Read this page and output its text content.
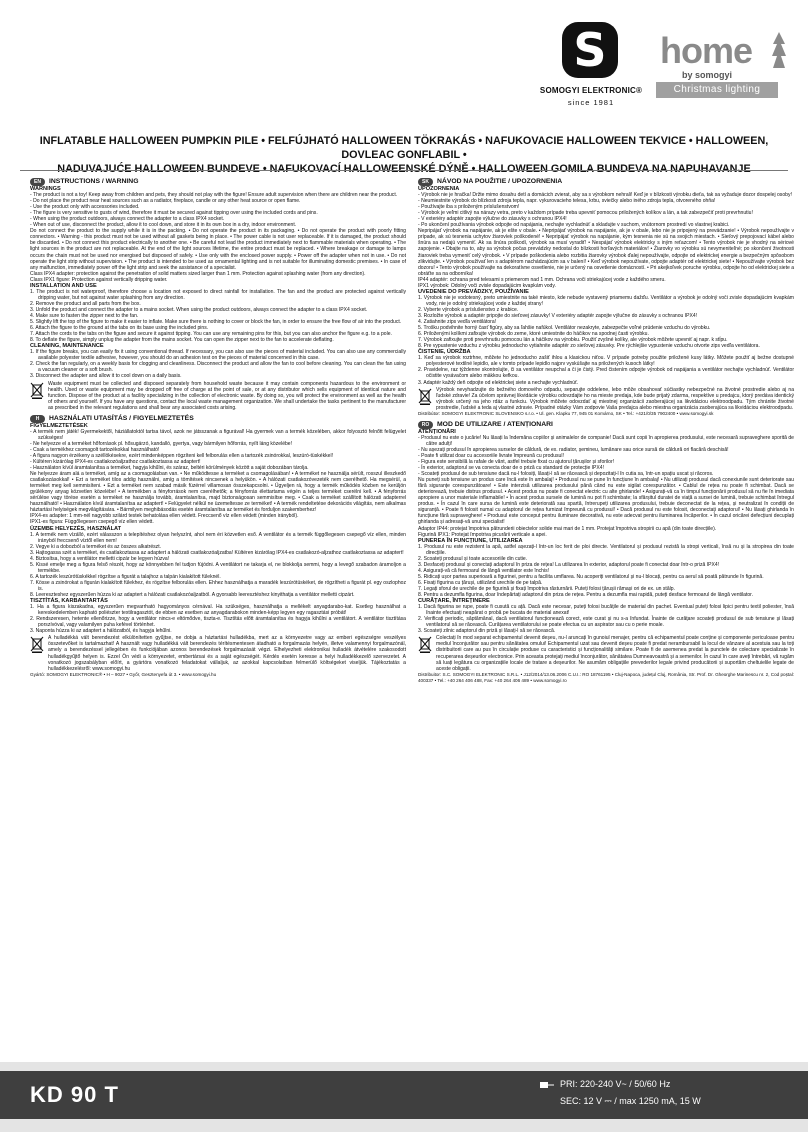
S
SOMOGYI ELEKTRONIC®
since 1981
home
by somogyi
Christmas lighting
INFLATABLE HALLOWEEN PUMPKIN PILE • FELFÚJHATÓ HALLOWEEN TÖKRAKÁS • NAFUKOVACIE HALLOWEEN TEKVICE • HALLOWEEN, DOVLEAC GONFLABIL •
NADUVAJUĆE HALLOWEEN BUNDEVE • NAFUKOVACÍ HALLOWEENSKÉ DÝNĚ • HALLOWEEN GOMILA BUNDEVA NA NAPUHAVANJE
EN	INSTRUCTIONS / WARNING
WARNINGS

- The product is not a toy! Keep away from children and pets, they should not play with the figure! Ensure adult supervision when there are children near the product.

- Do not place the product near heat sources such as a radiator, fireplace, candle or any other heat source or open flame.

- Use the product only with accessories included.

- The figure is very sensitive to gusts of wind, therefore it must be secured against tipping over using the included cords and pins.

- When using the product outdoors, always connect the adapter to a class IPX4 socket.

- When out of use, disconnect the product, allow it to cool down, and store it in its own box in a dry, indoor environment.

Do not connect the product to the supply while it is in the packing. • Do not operate the product in its packaging. • Do not operate the product with poorly fitting connectors. • Warning - this product must not be used without all gaskets being in place. • The power cable is not user replaceable. If it is damaged, the product should be discarded. • Do not connect this product electrically to another one. • Be careful not lead the product immediately next to flammable materials when operating. • The light sources in the product are not replaceable. At the end of the light sources lifetime, the entire product must be replaced. • Where breakage or damage to lamps occurs the chain must not be used nor energised but disposed of safely. • Use only with the enclosed power supply. • Power off the adapter when not in use. • Do not operate the light strip without supervision. • The product is intended to be used as ornamental lighting and is not suitable for illuminating domestic premises. • In case of any malfunction, immediately power off the light strip and seek the assistance of a specialist.

Class IPX4 adapter: protection against the penetration of solid matters sized larger than 1 mm. Protection against splashing water (from any direction).

Class IPX1 figure: Protection against vertically dripping water.

INSTALLATION AND USE

1. The product is not waterproof, therefore choose a location not exposed to direct rainfall for installation. The fan and the product are protected against vertically dripping water, but not against water splashing from any direction.

2. Remove the product and all parts from the box.

3. Unfold the product and connect the adapter to a mains socket. When using the product outdoors, always connect the adapter to a class IPX4 socket.

4. Make sure to fasten the zipper next to the fan.

5. Slightly lift the top of the figure to make it easier to inflate. Make sure there is nothing to cover or block the fan, in order to ensure the free flow of air into the product.

6. Attach the figure to the ground at the tabs on its base using the included pins.

7. Attach the cords to the tabs on the figure and secure it against tipping. You can use any remaining pins for this, but you can also anchor the figure e.g. to a pole.

8. To deflate the figure, simply unplug the adapter from the mains socket. You can open the zipper next to the fan to accelerate deflating.

CLEANING, MAINTENANCE

1. If the figure breaks, you can easily fix it using conventional thread. If necessary, you can also use the pieces of material included. You can also use any commercially available polyester textile adhesive, however, you should do an adhesion test on the pieces of material concerned in this case.

2. Check the fan regularly, on a weekly basis for clogging and cleanliness. Disconnect the product and allow the fan to cool before cleaning. You can clean the fan using a vacuum cleaner or a soft brush.

3. Disconnect the adapter and allow it to cool down on a daily basis.

Waste equipment must be collected and disposed separately from household waste because it may contain components hazardous to the environment or health. Used or waste equipment may be dropped off free of charge at the point of sale, or at any distributor which sells equipment of identical nature and function. Dispose of the product at a facility specializing in the collection of electronic waste. By doing so, you will protect the environment as well as the health of others and yourself. If you have any questions, contact the local waste management organization. We shall undertake the tasks pertinent to the manufacturer as prescribed in the relevant regulations and shall bear any associated costs arising.

H	HASZNÁLATI UTASÍTÁS / FIGYELMEZTETÉS
FIGYELMEZTETÉSEK

- A termék nem játék! Gyermekektől, háziállatoktól tartsa távol, azok ne játsszanak a figurával! Ha gyermek van a termék közelében, akkor folyosztó felnőtt felügyelet szükséges!

- Ne helyezze el a terméket hőforrások pl. hősugárzó, kandalló, gyertya, vagy bármilyen hőforrás, nyílt láng közelébe!

- Csak a termékhez csomagolt tartozékokkal használható!

- A figura nagyon érzékeny a széllökésekre, ezért mindenképpen rögzíteni kell felborulás ellen a tartozék zsinórokkal, leszúró-tüskékkel!

- Kültéren kizárólag IPX4-es csatlakozóaljzathoz csatlakoztassa az adaptert!

- Használaton kívül áramtalanítsa a terméket, hagyja kihűlni, és száraz, beltéri körülmények között a saját dobozában tárolja.

Ne helyezze áram alá a terméket, amíg az a csomagolásban van. • Ne működtesse a terméket a csomagolásában! • A terméket ne használja sérült, rosszul illeszkedő csatlakozásokkal! • Ezt a terméket tilos addig használni, amíg a tömítések nincsenek a helyükön. • A hálózati csatlakozóvezeték nem cserélhető. Ha megsérül, a terméket meg kell semmisíteni. • Ezt a terméket nem szabad másik füzérrel villamosan összekapcsolni. • Ügyeljen rá, hogy a termék működés közben ne kerüljön gyúlékony anyag közvetlen közelébe! • A termékben a fényforrások nem cserélhetők; a fényforrás élettartama végén a teljes terméket cserélni kell. • A fényforrás sérülése vagy törése esetén a terméket ne használja tovább, áramtalanítsa, majd biztonságosan semmisítse meg. • Csak a terméket szállított hálózati adapterrel használható! • Használaton kívül áramtalanítsa az adaptert! • Felügyelet nélkül ne üzemeltesse ze terméket! • A termék rendeltetése dekorációs világítás, nem alkalmas háztartási helyiségek megvilágítására. • Bármilyen meghibásodás esetén áramtalanítsa az terméket és forduljon szakemberhez!

IPX4-es adapter: 1 mm-nél nagyobb szilárd testek behatolása ellen védett. Freccsenő víz ellen védett (minden irányból).

IPX1-es figura: Függőlegesen csepegő víz ellen védett.

ÜZEMBE HELYEZÉS, HASZNÁLAT

1. A termék nem vízálló, ezért válasszon a telepítéshez olyan helyszínt, ahol nem éri közvetlen eső. A ventilátor és a termék függőlegesen csepegő víz ellen, minden irányból freccsenő víztől ellen nem!

2. Vegye ki a dobozból a terméket és az összes alkatrészt.

3. Hajtogassa szét a terméket, és csatlakoztassa az adaptert a hálózati csatlakozóaljzatba! Kültéren kizárólag IPX4-es csatlakozó-aljzathoz csatlakoztassa az adaptert!

4. Biztosítsa, hogy a ventilátor melletti cipzár be legyen húzva!

5. Kissé emelje meg a figura felső részét, hogy az könnyebben fel tudjon fújódni. A ventilátort ne takarja el, ne blokkolja semmi, hogy a levegő szabadon áramoljon a termékbe.

6. A tartozék leszúrótüskékkel rögzítse a figurát a talajhoz a talpán kialakított füleknél.

7. Kösse a zsinórokat a figurán kialakított fülekhez, és rögzítse felborulás ellen. Ehhez használhatja a maradék leszúrótüskéket, de rögzítheti a figurát pl. egy oszlophoz is.

8. Leereszteshez egyszerűen húzza ki az adaptert a hálózati csatlakozóaljzatból. A gyorsabb leeresztéshez kinyithatja a ventilátor melletti cipzárt.

TISZTÍTÁS, KARBANTARTÁS

1. Ha a figura kiszakadna, egyszerűen megvarrható hagyományos cérnával. Ha szükséges, használhatja a mellékelt anyagdarabo-kat. Esetleg használhat a kereskedelemben kapható poliészter textilragasztót, de ebben az esetben az anyagdarabokon minden-képp legyen egy ragasztási próbát!

2. Rendszeresen, hetente ellenőrizze, hogy a ventilátor nincs-e eltömődve, tiszta-e. Tisztítás előtt áramtalanítsa és hagyja kihűlni a ventilátort. A ventilátor tisztítása porszívóval, vagy valamilyen puha kefével történhet.

3. Naponta húzza ki az adaptert a hálózatból, és hagyja lehűlni.

A hulladékká vált berendezést elkülönítetten gyűjtse, ne dobja a háztartási hulladékba, mert az a környezetre vagy az emberi egészségre veszélyes összetevőket is tartalmazhat! A használt vagy hulladékká vált berendezés térítésmentesen átadható a forgalmazás helyén, illetve valamennyi forgalmazónál, amely a berendezéssel jellegében és funkciójában azonos berendezések forgalmazását végzi. Elhelyezheti elektronikai hulladék átvételére szakosodott hulladékgyűjtő helyen is. Ezzel Ön védi a környezetet, embertársai és a saját egészségét. Kérdés esetén keresse a helyi hulladékkezelő szervezetet. A vonatkozó jogszabályban előírt, a gyártóra vonatkozó feladatokat vállaljuk, az azokkal kapcsolatban felmerülő költségeket viseljük. Tájékoztatás a hulladékkezelésről: www.somogyi.hu

Gyártó: SOMOGYI ELEKTRONIC® • H – 9027 • Győr, Gesztenyefa út 3. • www.somogyi.hu

SK	NÁVOD NA POUŽITIE / UPOZORNENIA
UPOZORNENIA

- Výrobok nie je hračka! Držte mimo dosahu detí a domácich zvierat, aby sa s výrobkom nehrali! Keď je v blízkosti výrobku dieťa, tak sa vyžaduje dozor dospelej osoby!

- Neumiestnite výrobok do blízkosti zdroja tepla, napr. vykurovacieho telesa, krbu, sviečky alebo iného zdroja tepla, otvoreného ohňa!

- Používajte iba s priloženým príslušenstvom!

- Výrobok je veľmi citlivý na nárazy vetra, preto v každom prípade treba upevniť pomocou priložených kolíkov a lán, a tak zabezpečiť proti prevrhnutiu!

- V exteriéry adaptér zapojte výlučne do zásuvky s ochranou IPX4!

- Po ukončení používania výrobok odpojte od napájania, nechajte vychladnúť a skladujte v suchom, vnútornom prostredí vo vlastnej krabici.

Nepripájať výrobok na napájanie, ak je ešte v obale. • Nepripájať výrobok na napájanie, ak je v obale, lebo nie je pripojený na prevádzanie! • Výrobok nepoužívajte v prípade, ak sú tesnenia uchytov žiarovíek poškodené! • Nepripájať výrobok na napájanie, kým tesnenia nie sú na svojich miestach. • Sieťový prepojovací kábel alebo šnúra sa nedajú vymeniť. Ak sa šnúra poškodí, výrobok sa musí vyradiť! • Nespájať výrobok elektricky s iným reťazcom! • Tento výrobok nie je vhodný na sériové zapojenie. • Dbajte na to, aby sa výrobok počas prevádzky nedostal do blízkosti horľavých materiálov! • Žiarovky vo výrobku sú nevymeniteľné; po skončení životnosti žiaroviek treba vymeniť celý výrobok. • V prípade poškodenia alebo rozbitia žiarovky výrobok ďalej nepoužívajte, odpojte od elektrickej energie a bezpečným spôsobom zlikvidujte. • Výrobok používať len s adaptérom nachádzajúcim sa v balení! • Keď výrobok nepoužívate, odpojte adaptér od elektrickej siete! • Nepoužívajte výrobok bez dozoru! • Tento výrobok používajte na dekoratívne osvetlenie, nie je určený na osvetlenie domácností. • Pri akejkoľvek poruche výrobku, odpojte ho od elektrickej siete a obráťte sa na odborníka!

IP44 adaptér: ochrana pred telesami s priemerom nad 1 mm. Ochrana voči striekajúcej vode z každého smeru.

IPX1 výrobok: Odolný voči zvisle dopadajúcim kvapkám vody.

UVEDENIE DO PREVÁDZKY, POUŽÍVANIE

1. Výrobok nie je vodotesný, preto umiestnite na také miesto, kde nebude vystavený priamemu dažďu. Ventilátor a výrobok je odolný voči zvisle dopadajúcim kvapkám vody, nie je odolný striekajúcej vode z každej strany!

2. Vyberte výrobok a príslušenstvo z krabice.

3. Rozložte výrobok a adaptér pripojte do sieťovej zásuvky! V exteriéry adaptér zapojte výlučne do zásuvky s ochranou IPX4!

4. Zatiahnite zips vedľa ventilátora!

5. Trošku podvihnite horný časť figúry, aby sa ľahšie nafúkol. Ventilátor nezakryte, zabezpečte voľné prúdenie vzduchu do výrobku.

6. Priloženými kolíkmi zafixujte výrobok do zeme, ktoré umiestnite do háčikov na spodnej časti výrobku.

7. Výrobok zafixujte proti prevrhnutiu pomocou lán a háčikov na výrobku. Použiť zvyšné kolíky, ale výrobok môžete upevniť aj napr. k stĺpu.

8. Pre vypustenie vzduchu z výrobku jednoducho vytiahnite adaptér zo sieťovej zásuvky. Pre rýchlejšie vypustenie vzduchu otvorte zips vedľa ventilátora.

ČISTENIE, ÚDRŽBA

1. Keď sa výrobok roztrhne, môžete ho jednoducho zašiť ihlou a klasickou niťou. V prípade potreby použite priložené kusy látky. Môžete použiť aj bežne dostupné polyesterové textilné lepidlo, ale v tomto prípade lepidlo najprv vyskúšajte na priložených kusoch látky!

2. Pravidelne, raz týždenne skontrolujte, či sa ventilátor neupchal a či je čistý. Pred čistením odpojte výrobok od napájania a ventilátor nechajte vychladnúť. Ventilátor očistite vysávačom alebo mäkkou kefkou.

3. Adaptér každý deň odpojte od elektrickej siete a nechajte vychladnúť.

Výrobok nevyhadzujte do bežného domového odpadu, separujte oddelene, lebo môže obsahovať súčiastky nebezpečné na životné prostredie alebo aj na ľudské zdravie! Za účelom správnej likvidácie výrobku odovzdajte ho na mieste predaja, kde bude prijatý zdarma, respektíve u predajcu, ktorý predáva identický výrobok určený na jeho rdáz a funkciu. Výrobok môžete odovzdať aj miestnej organizácii zaoberajúcej sa likvidáciou elektroodpadu. Tým chránite životné prostredie, ľudské a teda aj vlastné zdravie. Prípadné otázky Vám zodpovie Vaša predajca alebo miestna organizácia zaoberajúca sa likvidáciou elektroodpadu.

Distribútor: SOMOGYI ELEKTRONIC SLOVENSKO s.r.o. • Ul. gen. Klapku 77, 945 01 Komárno, SK • Tel.: +421/0/35 7902400 • www.somogyi.sk

RO	MOD DE UTILIZARE / ATENȚIONARI
ATENȚIONĂRI

- Produsul nu este o jucărie! Nu lăsați la îndemâna copiilor și animalelor de companie! Dacă sunt copii în apropierea produsului, este necesară supraveghere sporită de către adulți!

- Nu așezați produsul în apropierea surselor de căldură, de ex. radiator, șemineu, lumânare sau orice sursă de căldură ori flacără deschisă!

- Poate fi utilizat doar cu accesoriile livrate împreună cu produsul!

- Figura este sensibilă la rafale de vânt, astfel trebuie fixat cu ajutorul țărușilor și sforilor!

- În exterior, adaptorul se va conecta doar de o priză cu standard de protecție IPX4!

- Scoateți produsul de sub tensiune dacă nu-l folosiți, lăsați-l să se răcească și depozitați-l în cutia sa, într-un spațiu uscat și răcoros.

Nu puneți sub tensiune un produs care încă este în ambalaj! • Produsul nu se pune în funcțiune în ambalaj! • Nu utilizați produsul dacă conexiunile sunt deteriorate sau fără siguranțe corespunzătoare! • Este interzisă utilizarea produsului până când nu este sigilat corespunzător. • Cablul de rețea nu poate fi schimbat. Dacă se deteriorează, trebuie distrus produsul. • Acest produs nu poate fi conectat electric cu alte ghirlande! • Asigurați-vă ca în timpul funcționării produsul să nu fie în imediata apropiere a unor materiale inflamabile! • În acest produs sursele de lumină nu pot fi schimbate; la sfârșitul duratei de viață a sursei de lumină, trebuie schimbat întregul produs. • În cazul în care sursa de lumină este deteriorată sau spartă, întrerupeți utilizarea produsului, trebuie deconectat de la rețea, și neutralizat în condiții de siguranță. • Poate fi folosit numai cu adaptorul de rețea furnizat împreună cu produsul! • Dacă produsul nu este folosit, deconectați adaptorul! • Nu lăsați ghirlanda în funcțiune fără supraveghere! • Produsul este conceput pentru iluminare decorativă, nu este adecvat pentru iluminarea încăperilor. • În cazul oricărei defecțiuni decuplați ghirlanda și adresați-vă unui specialist!

Adaptor IP44: protejat împotriva pătrunderii obiectelor solide mai mari de 1 mm. Protejat împotriva stropirii cu apă (din toate direcțiile).

Figurină IPX1: Protejat împotriva picurării verticale a apei.

PUNEREA ÎN FUNCȚIUNE, UTILIZAREA

1. Produsul nu este rezistent la apă, astfel așezați-l într-un loc ferit de ploi directe. Ventilatorul și produsul rezistă la stropi verticali, însă nu și la stropirea din toate direcțiile.

2. Scoateți produsul și toate accesoriile din cutie.

3. Desfaceți produsul și conectați adaptorul în priza de rețea! La utilizarea în exterior, adaptorul poate fi conectat doar într-o priză IPX4!

4. Asigurați-vă că fermoarul de lângă ventilator este închis!

5. Ridicați ușor partea superioară a figurinei, pentru a facilita umflarea. Nu acoperiți ventilatorul și nu-l blocați, pentru ca aerul să poată pătrunde în figurină.

6. Fixați figurina cu țăruși, utilizând urechile de pe talpă.

7. Legați sforul de urechile de pe figurină și fixați împotriva răsturnării. Puteți folosi țărușii rămași ori de ex. un stâlp.

8. Pentru a dezumfla figurina, doar îndepărtați adaptorul din priza de rețea. Pentru a dezumfla mai rapidă, puteți desface fermoarul de lângă ventilator.

CURĂȚARE, ÎNTREȚINERE

1. Dacă figurina se rupe, poate fi cusută cu ață. Dacă este necesar, puteți folosi bucățile de material din pachet. Eventual puteți folosi lipici pentru textil poliester, însă înainte efectuați neapărat o probă pe bucata de material anexat!

2. Verificați periodic, săptămânal, dacă ventilatorul funcționează corect, este curat și nu s-a înfundat. Înainte de curățare scoateți produsul de sub tensiune și lăsați ventilatorul să se răcească. Curățarea ventilatorului se poate efectua cu un aspirator sau cu o perie moale.

3. Scoateți zilnic adaptorul din priză și lăsați-l să se răcească.

Colectați în mod separat echipamentul devenit deșeu, nu-l aruncați în gunoiul menajer, pentru că echipamentul poate conține și componente periculoase pentru mediul înconjurător sau pentru sănătatea omului! Echipamentul uzat sau devenit deșeu poate fi predat nerambursabil la locul de vânzare al acestuia sau la toți distribuitorii care au pus în circulație produse cu caracteristici și funcționalități similare. Poate fi de asemenea predat la punctele de colectare specializate în recuperarea deșeurilor electronice. Prin aceasta protejați mediul înconjurător, sănătatea Dumneavoastră și a semenilor. În cazul în care aveți întrebări, vă rugăm să luați legătura cu organizațiile locale de tratare a deșeurilor. Ne asumăm obligațiile prevederilor legale privind producătorii și suportăm cheltuielile legate de aceste obligații.

Distribuitor: S.C. SOMOGYI ELEKTRONIC S.R.L. • J12/2014/13.06.2006 C.U.I.: RO 18761195 • Cluj-Napoca, județul Cluj, România, Str. Prof. Dr. Gheorghe Marinescu nr. 2, Cod poștal: 400337 • Tel.: +40 264 406 488, Fax: +40 264 406 489 • www.somogyi.ro

KD 90 T	PRI: 220-240 V~ / 50/60 Hz
SEC: 12 V ⎓ / max 1250 mA, 15 W
